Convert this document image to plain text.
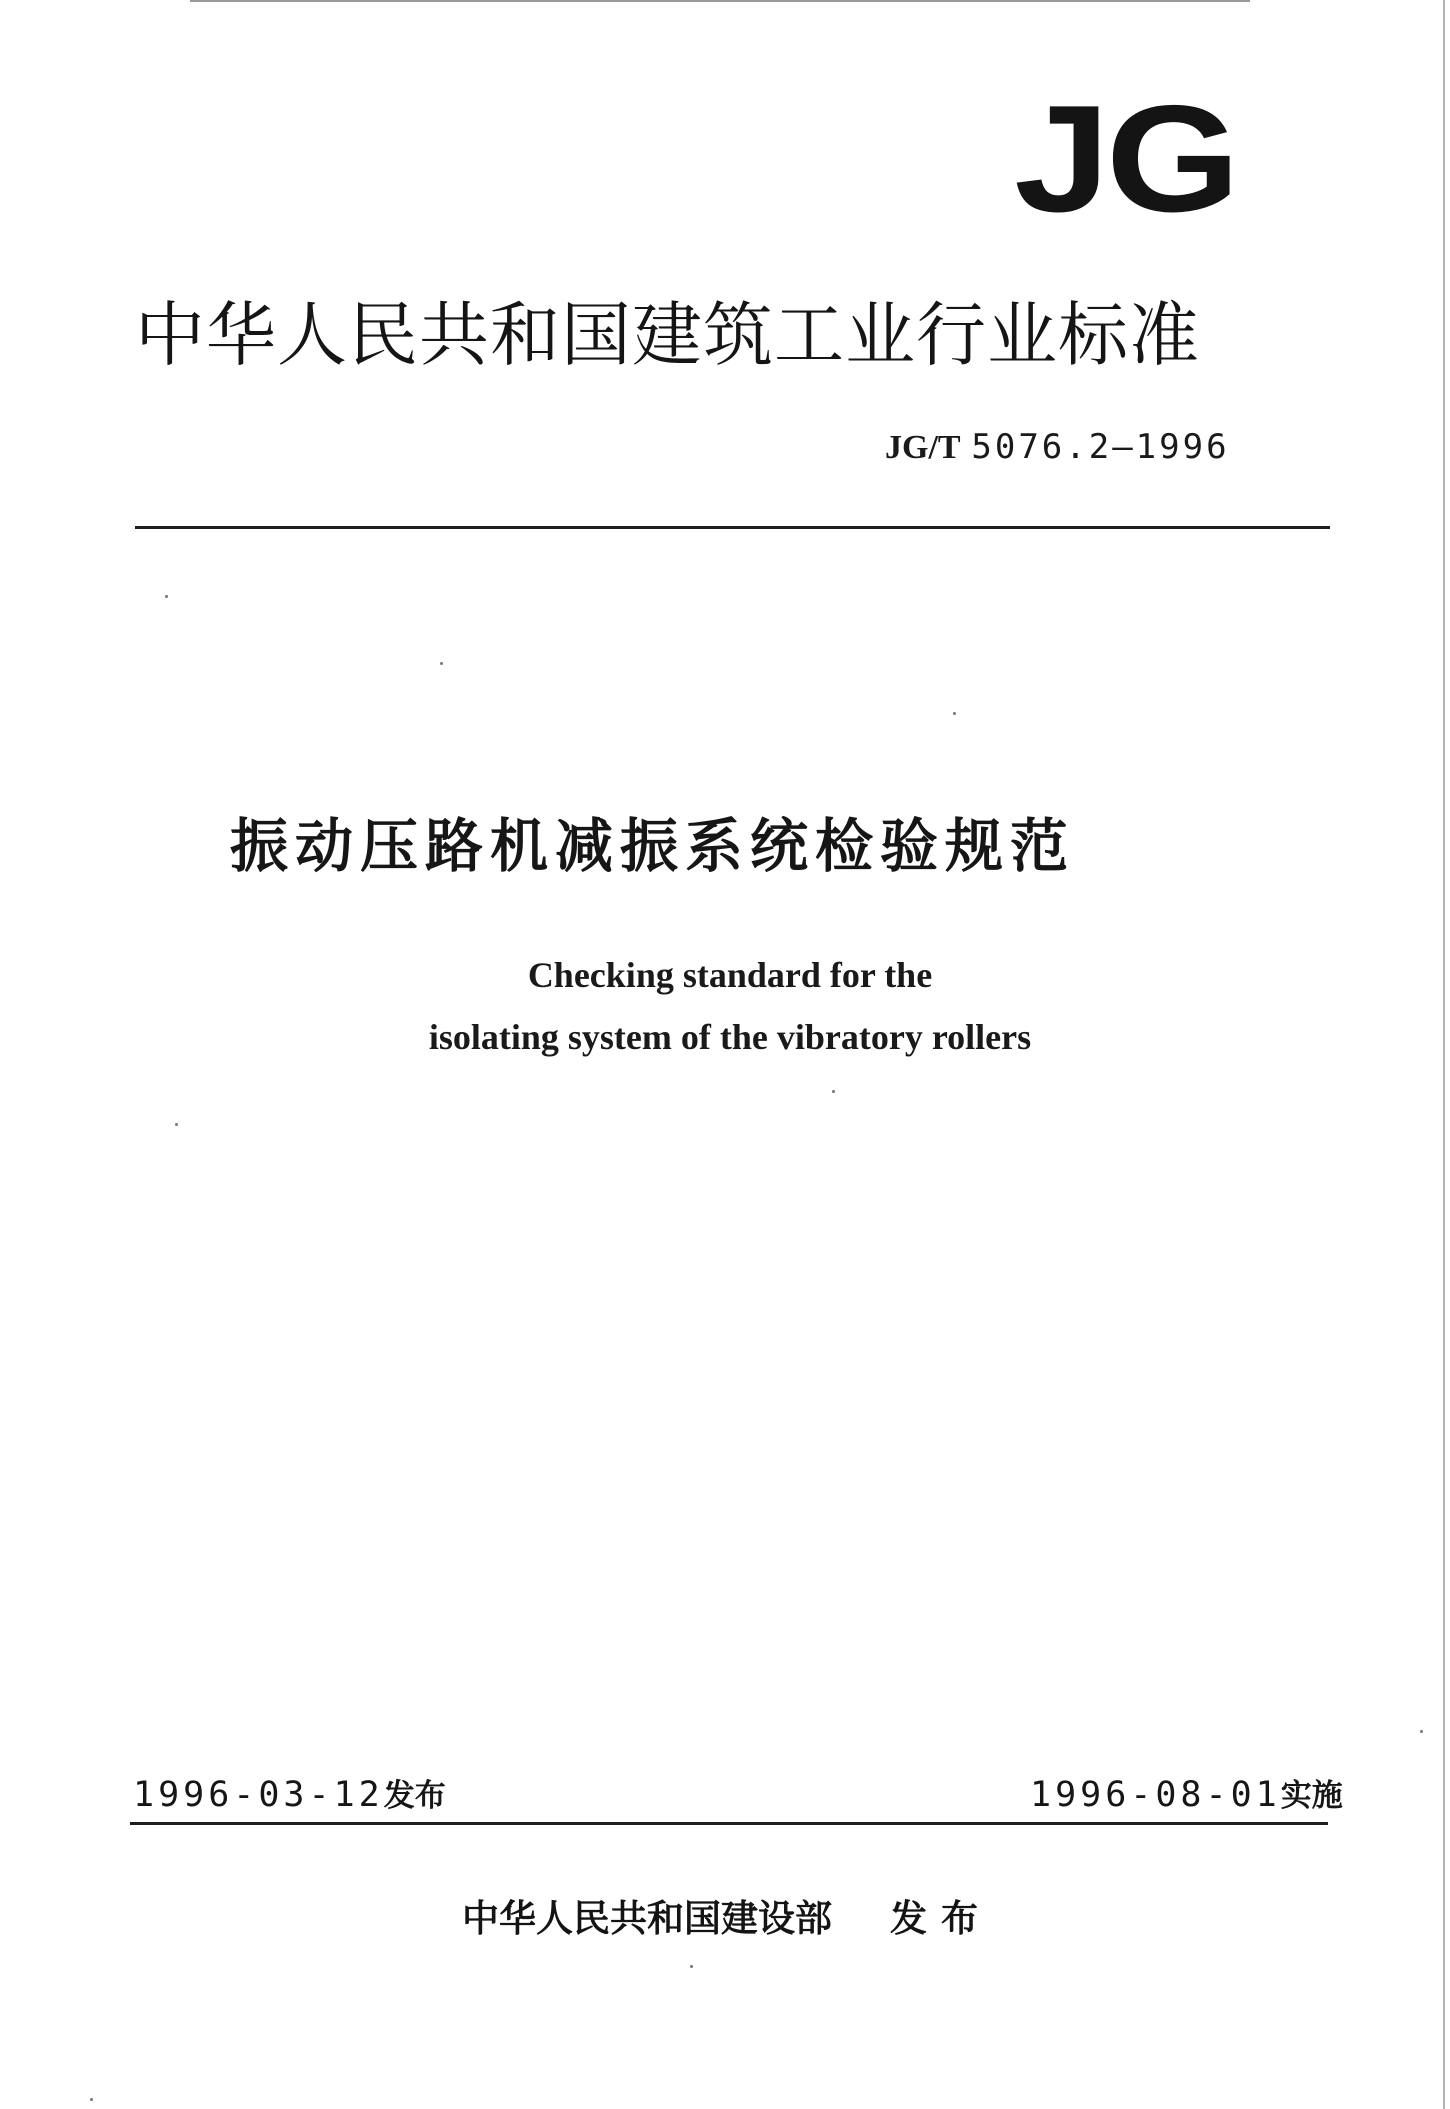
JG
中华人民共和国建筑工业行业标准
JG/T 5076.2—1996
振动压路机减振系统检验规范
Checking standard for the
isolating system of the vibratory rollers
1996-03-12发布	1996-08-01实施
中华人民共和国建设部 发布
